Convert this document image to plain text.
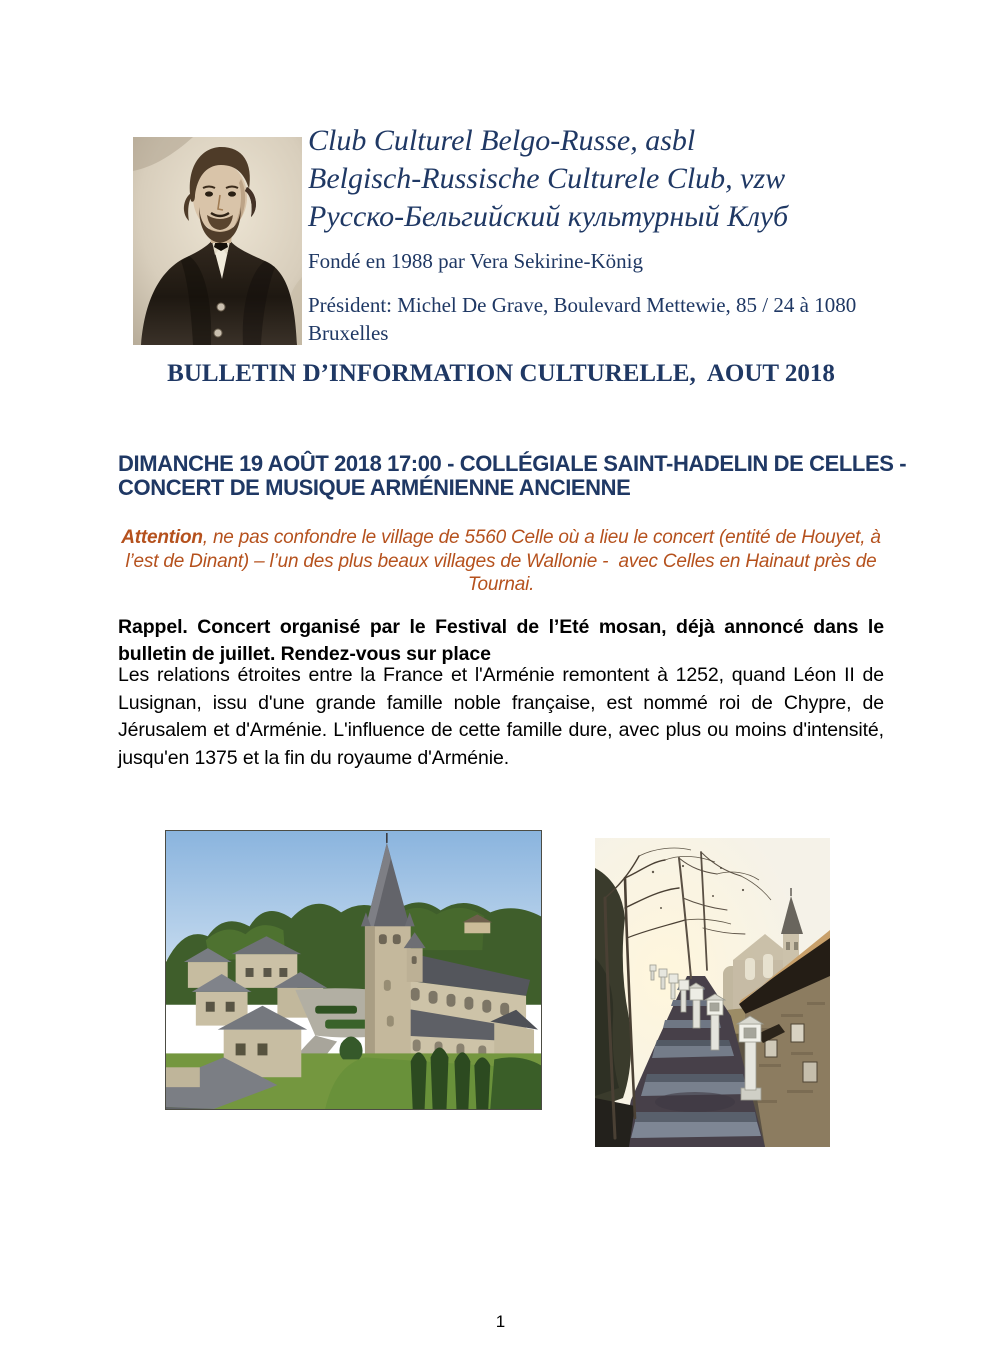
Club Culturel Belgo-Russe, asbl
Belgisch-Russische Culturele Club, vzw
Русско-Бельгийский культурный Клуб
Fondé en 1988 par Vera Sekirine-König
Président: Michel De Grave, Boulevard Mettewie, 85 / 24 à 1080 Bruxelles
BULLETIN D’INFORMATION CULTURELLE,  AOUT 2018
DIMANCHE 19 AOÛT 2018 17:00 - COLLÉGIALE SAINT-HADELIN DE CELLES - CONCERT DE MUSIQUE ARMÉNIENNE ANCIENNE

Attention, ne pas confondre le village de 5560 Celle où a lieu le concert (entité de Houyet, à l’est de Dinant) – l’un des plus beaux villages de Wallonie -  avec Celles en Hainaut près de Tournai.

Rappel. Concert organisé par le Festival de l’Eté mosan, déjà annoncé dans le bulletin de juillet. Rendez-vous sur place

Les relations étroites entre la France et l'Arménie remontent à 1252, quand Léon II de Lusignan, issu d'une grande famille noble française, est nommé roi de Chypre, de Jérusalem et d'Arménie. L'influence de cette famille dure, avec plus ou moins d'intensité, jusqu'en 1375 et la fin du royaume d'Arménie.

1
